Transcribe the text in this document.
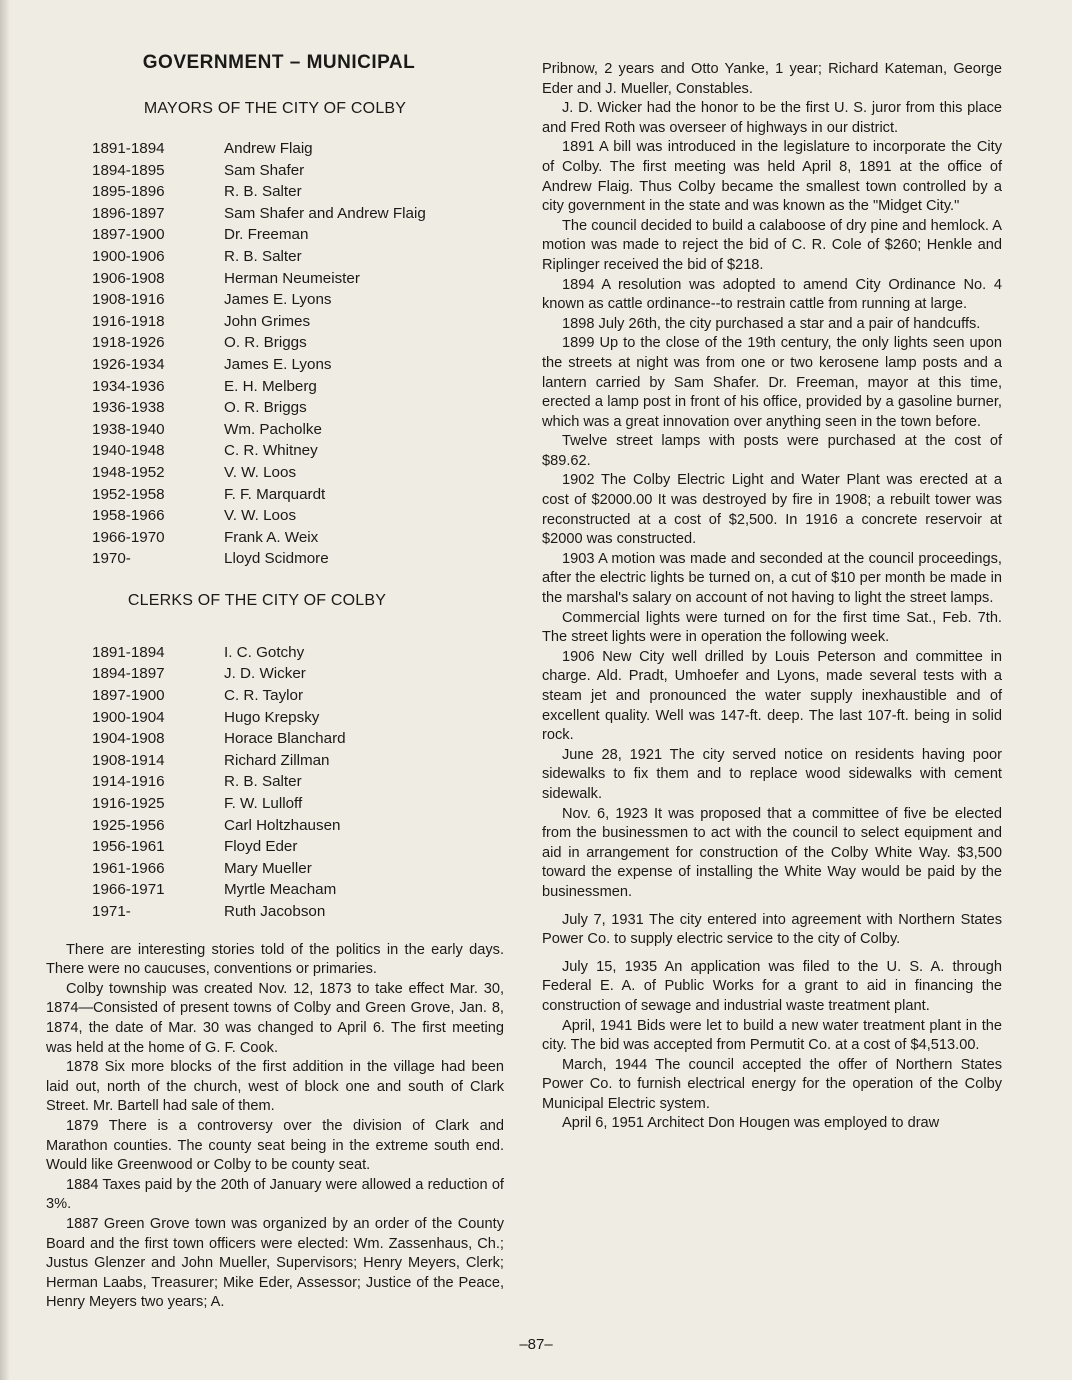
GOVERNMENT – MUNICIPAL
MAYORS OF THE CITY OF COLBY
1891-1894	Andrew Flaig
1894-1895	Sam Shafer
1895-1896	R. B. Salter
1896-1897	Sam Shafer and Andrew Flaig
1897-1900	Dr. Freeman
1900-1906	R. B. Salter
1906-1908	Herman Neumeister
1908-1916	James E. Lyons
1916-1918	John Grimes
1918-1926	O. R. Briggs
1926-1934	James E. Lyons
1934-1936	E. H. Melberg
1936-1938	O. R. Briggs
1938-1940	Wm. Pacholke
1940-1948	C. R. Whitney
1948-1952	V. W. Loos
1952-1958	F. F. Marquardt
1958-1966	V. W. Loos
1966-1970	Frank A. Weix
1970-	Lloyd Scidmore
CLERKS OF THE CITY OF COLBY
1891-1894	I. C. Gotchy
1894-1897	J. D. Wicker
1897-1900	C. R. Taylor
1900-1904	Hugo Krepsky
1904-1908	Horace Blanchard
1908-1914	Richard Zillman
1914-1916	R. B. Salter
1916-1925	F. W. Lulloff
1925-1956	Carl Holtzhausen
1956-1961	Floyd Eder
1961-1966	Mary Mueller
1966-1971	Myrtle Meacham
1971-	Ruth Jacobson

There are interesting stories told of the politics in the early days. There were no caucuses, conventions or primaries.

Colby township was created Nov. 12, 1873 to take effect Mar. 30, 1874—Consisted of present towns of Colby and Green Grove, Jan. 8, 1874, the date of Mar. 30 was changed to April 6. The first meeting was held at the home of G. F. Cook.

1878 Six more blocks of the first addition in the village had been laid out, north of the church, west of block one and south of Clark Street. Mr. Bartell had sale of them.

1879 There is a controversy over the division of Clark and Marathon counties. The county seat being in the extreme south end. Would like Greenwood or Colby to be county seat.

1884 Taxes paid by the 20th of January were allowed a reduction of 3%.

1887 Green Grove town was organized by an order of the County Board and the first town officers were elected: Wm. Zassenhaus, Ch.; Justus Glenzer and John Mueller, Supervisors; Henry Meyers, Clerk; Herman Laabs, Treasurer; Mike Eder, Assessor; Justice of the Peace, Henry Meyers two years; A.

Pribnow, 2 years and Otto Yanke, 1 year; Richard Kateman, George Eder and J. Mueller, Constables.

J. D. Wicker had the honor to be the first U. S. juror from this place and Fred Roth was overseer of highways in our district.

1891 A bill was introduced in the legislature to incorporate the City of Colby. The first meeting was held April 8, 1891 at the office of Andrew Flaig. Thus Colby became the smallest town controlled by a city government in the state and was known as the "Midget City."

The council decided to build a calaboose of dry pine and hemlock. A motion was made to reject the bid of C. R. Cole of $260; Henkle and Riplinger received the bid of $218.

1894 A resolution was adopted to amend City Ordinance No. 4 known as cattle ordinance--to restrain cattle from running at large.

1898 July 26th, the city purchased a star and a pair of handcuffs.

1899 Up to the close of the 19th century, the only lights seen upon the streets at night was from one or two kerosene lamp posts and a lantern carried by Sam Shafer. Dr. Freeman, mayor at this time, erected a lamp post in front of his office, provided by a gasoline burner, which was a great innovation over anything seen in the town before.

Twelve street lamps with posts were purchased at the cost of $89.62.

1902 The Colby Electric Light and Water Plant was erected at a cost of $2000.00 It was destroyed by fire in 1908; a rebuilt tower was reconstructed at a cost of $2,500. In 1916 a concrete reservoir at $2000 was constructed.

1903 A motion was made and seconded at the council proceedings, after the electric lights be turned on, a cut of $10 per month be made in the marshal's salary on account of not having to light the street lamps.

Commercial lights were turned on for the first time Sat., Feb. 7th. The street lights were in operation the following week.

1906 New City well drilled by Louis Peterson and committee in charge. Ald. Pradt, Umhoefer and Lyons, made several tests with a steam jet and pronounced the water supply inexhaustible and of excellent quality. Well was 147-ft. deep. The last 107-ft. being in solid rock.

June 28, 1921 The city served notice on residents having poor sidewalks to fix them and to replace wood sidewalks with cement sidewalk.

Nov. 6, 1923 It was proposed that a committee of five be elected from the businessmen to act with the council to select equipment and aid in arrangement for construction of the Colby White Way. $3,500 toward the expense of installing the White Way would be paid by the businessmen.

July 7, 1931 The city entered into agreement with Northern States Power Co. to supply electric service to the city of Colby.

July 15, 1935 An application was filed to the U. S. A. through Federal E. A. of Public Works for a grant to aid in financing the construction of sewage and industrial waste treatment plant.

April, 1941 Bids were let to build a new water treatment plant in the city. The bid was accepted from Permutit Co. at a cost of $4,513.00.

March, 1944 The council accepted the offer of Northern States Power Co. to furnish electrical energy for the operation of the Colby Municipal Electric system.

April 6, 1951 Architect Don Hougen was employed to draw

–87–
